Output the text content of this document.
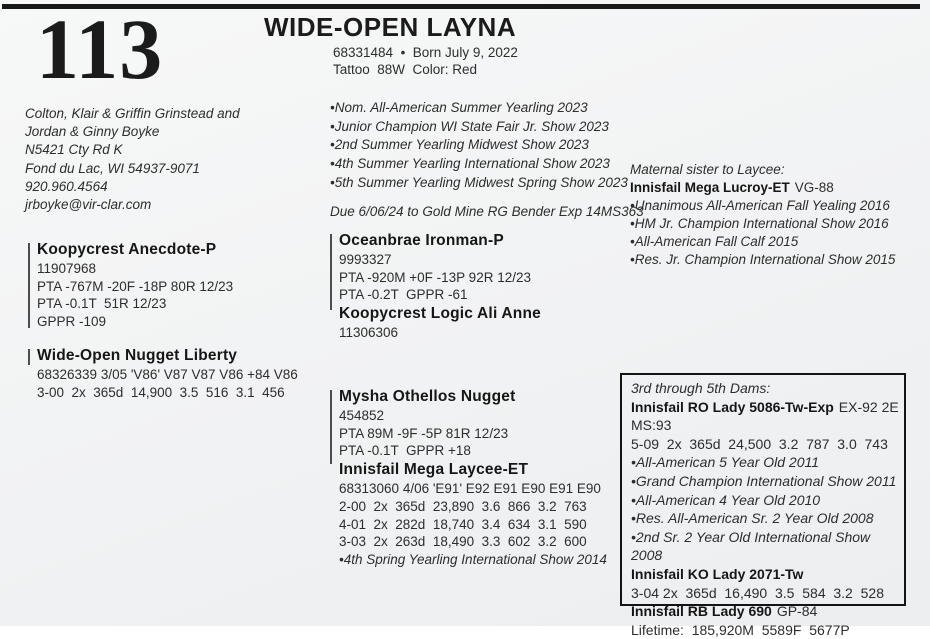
113	WIDE-OPEN LAYNA
68331484  •  Born July 9, 2022
Tattoo  88W  Color: Red
Colton, Klair & Griffin Grinstead and
Jordan & Ginny Boyke
N5421 Cty Rd K
Fond du Lac, WI 54937-9071
920.960.4564
jrboyke@vir-clar.com
•Nom. All-American Summer Yearling 2023
•Junior Champion WI State Fair Jr. Show 2023
•2nd Summer Yearling Midwest Show 2023
•4th Summer Yearling International Show 2023
•5th Summer Yearling Midwest Spring Show 2023
Due 6/06/24 to Gold Mine RG Bender Exp 14MS363
Maternal sister to Laycee:
Innisfail Mega Lucroy-ET VG-88
•Unanimous All-American Fall Yealing 2016
•HM Jr. Champion International Show 2016
•All-American Fall Calf 2015
•Res. Jr. Champion International Show 2015
Koopycrest Anecdote-P
11907968
PTA -767M -20F -18P 80R 12/23
PTA -0.1T  51R 12/23
GPPR -109
Wide-Open Nugget Liberty
68326339 3/05 'V86' V87 V87 V86 +84 V86
3-00  2x  365d  14,900  3.5  516  3.1  456
Oceanbrae Ironman-P
9993327
PTA -920M +0F -13P 92R 12/23
PTA -0.2T  GPPR -61
Koopycrest Logic Ali Anne
11306306
Mysha Othellos Nugget
454852
PTA 89M -9F -5P 81R 12/23
PTA -0.1T  GPPR +18
Innisfail Mega Laycee-ET
68313060 4/06 'E91' E92 E91 E90 E91 E90
2-00  2x  365d  23,890  3.6  866  3.2  763
4-01  2x  282d  18,740  3.4  634  3.1  590
3-03  2x  263d  18,490  3.3  602  3.2  600
•4th Spring Yearling International Show 2014
3rd through 5th Dams:
Innisfail RO Lady 5086-Tw-Exp EX-92 2E MS:93
5-09  2x  365d  24,500  3.2  787  3.0  743
•All-American 5 Year Old 2011
•Grand Champion International Show 2011
•All-American 4 Year Old 2010
•Res. All-American Sr. 2 Year Old 2008
•2nd Sr. 2 Year Old International Show 2008
Innisfail KO Lady 2071-Tw
3-04 2x  365d  16,490  3.5  584  3.2  528
Innisfail RB Lady 690 GP-84
Lifetime:  185,920M  5589F  5677P
